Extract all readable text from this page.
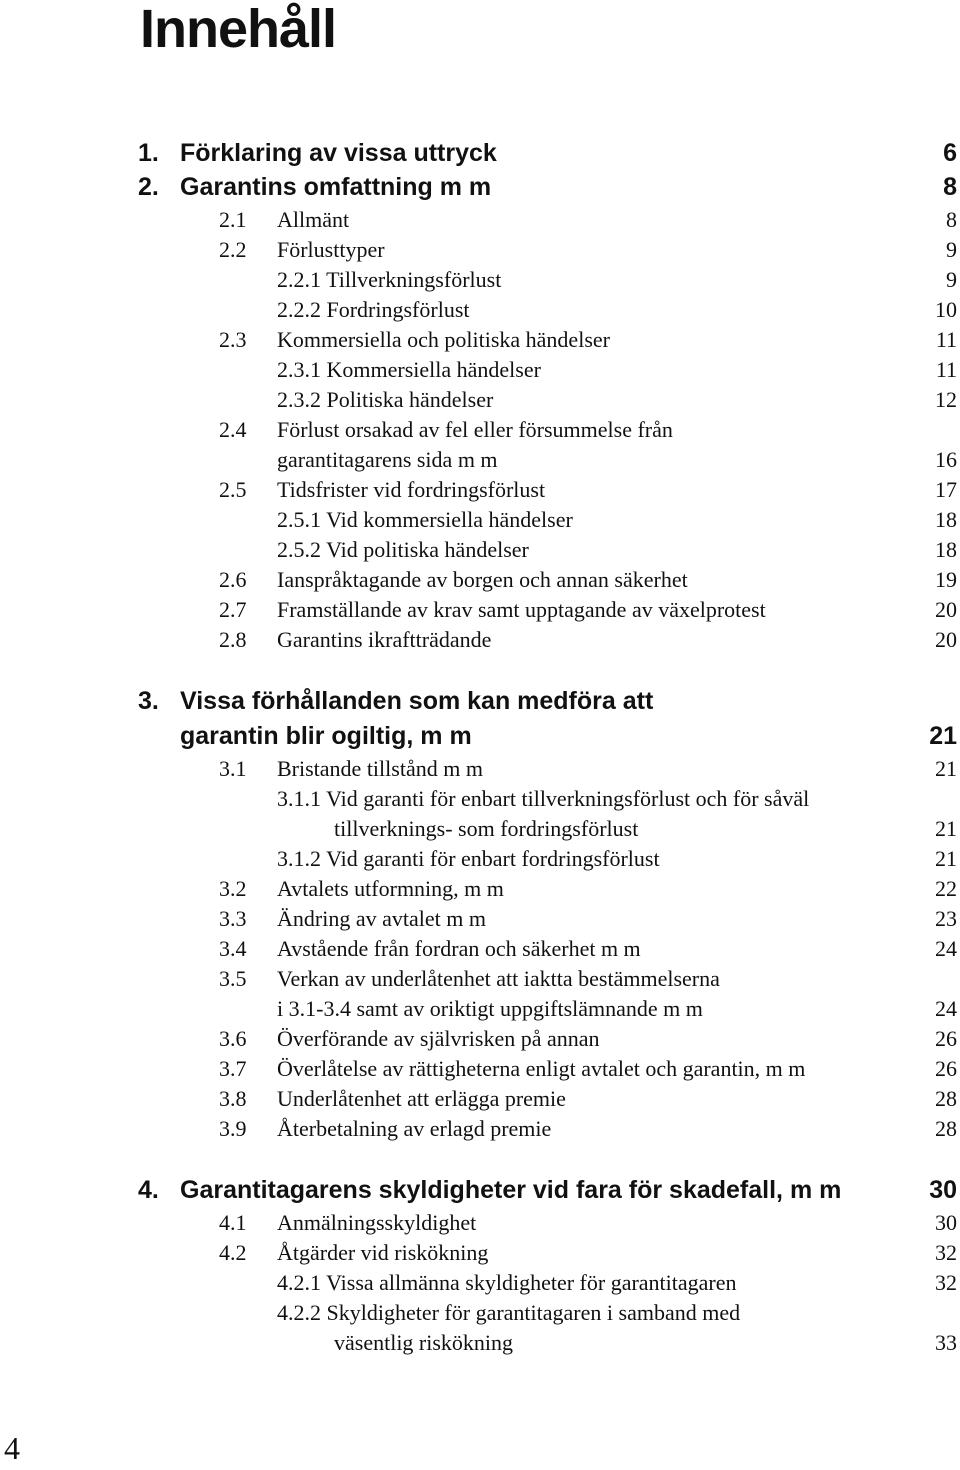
Innehåll
1. Förklaring av vissa uttryck	6
2. Garantins omfattning m m	8
2.1 Allmänt	8
2.2 Förlusttyper	9
2.2.1 Tillverkningsförlust	9
2.2.2 Fordringsförlust	10
2.3 Kommersiella och politiska händelser	11
2.3.1 Kommersiella händelser	11
2.3.2 Politiska händelser	12
2.4 Förlust orsakad av fel eller försummelse från
garantitagarens sida m m	16
2.5 Tidsfrister vid fordringsförlust	17
2.5.1 Vid kommersiella händelser	18
2.5.2 Vid politiska händelser	18
2.6 Ianspråktagande av borgen och annan säkerhet	19
2.7 Framställande av krav samt upptagande av växelprotest	20
2.8 Garantins ikraftträdande	20
3. Vissa förhållanden som kan medföra att
garantin blir ogiltig, m m	21
3.1 Bristande tillstånd m m	21
3.1.1 Vid garanti för enbart tillverkningsförlust och för såväl
tillverknings- som fordringsförlust	21
3.1.2 Vid garanti för enbart fordringsförlust	21
3.2 Avtalets utformning, m m	22
3.3 Ändring av avtalet m m	23
3.4 Avstående från fordran och säkerhet m m	24
3.5 Verkan av underlåtenhet att iaktta bestämmelserna
i 3.1-3.4 samt av oriktigt uppgiftslämnande m m	24
3.6 Överförande av självrisken på annan	26
3.7 Överlåtelse av rättigheterna enligt avtalet och garantin, m m	26
3.8 Underlåtenhet att erlägga premie	28
3.9 Återbetalning av erlagd premie	28
4. Garantitagarens skyldigheter vid fara för skadefall, m m	30
4.1 Anmälningsskyldighet	30
4.2 Åtgärder vid riskökning	32
4.2.1 Vissa allmänna skyldigheter för garantitagaren	32
4.2.2 Skyldigheter för garantitagaren i samband med
väsentlig riskökning	33
4
